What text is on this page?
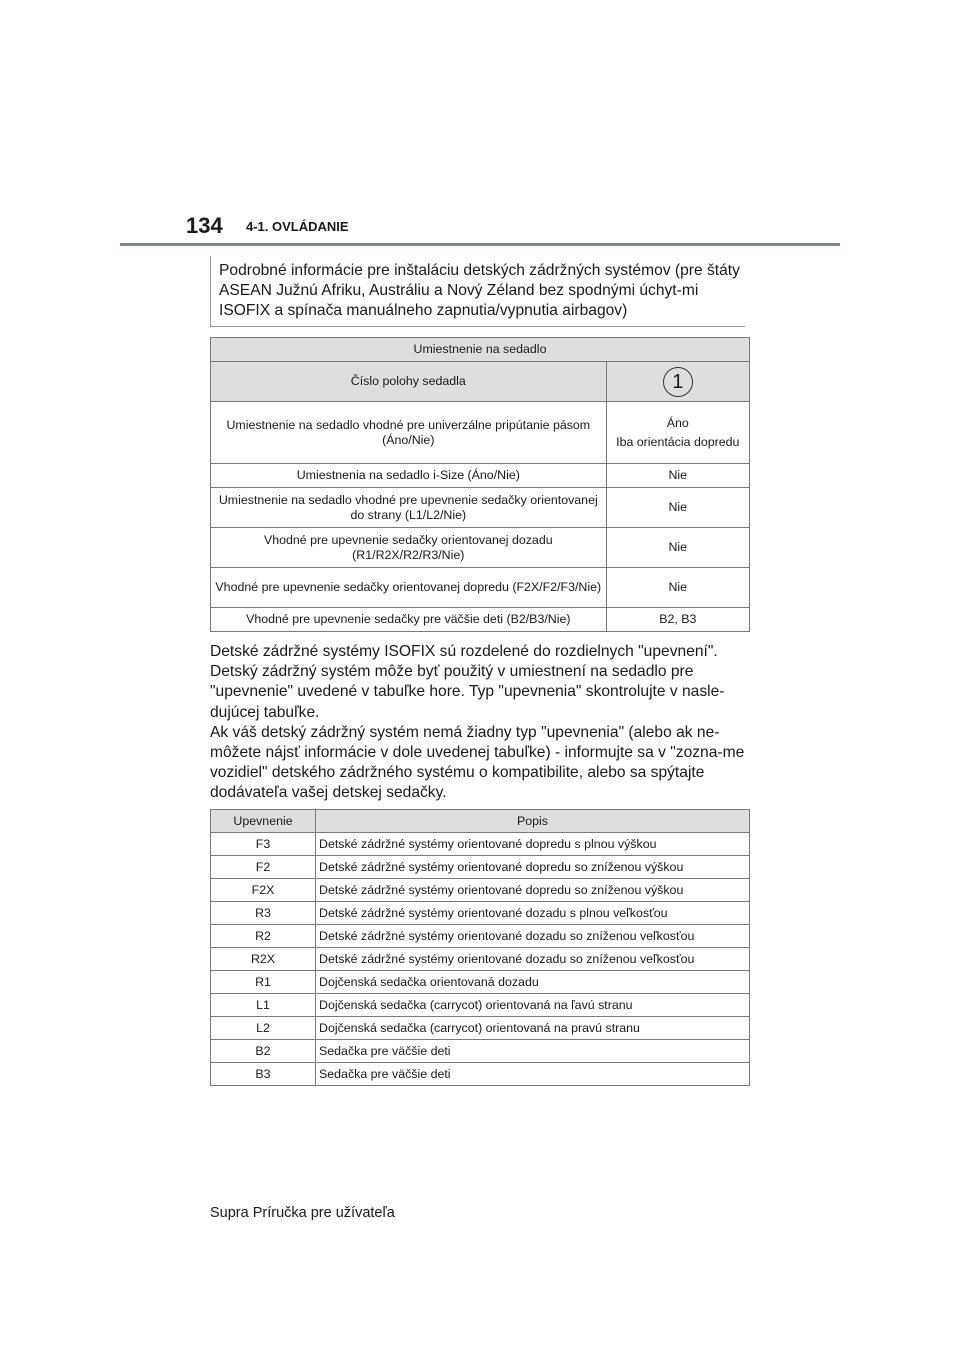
134 4-1. OVLÁDANIE
Podrobné informácie pre inštaláciu detských zádržných systémov (pre štáty ASEAN Južnú Afriku, Austráliu a Nový Zéland bez spodnými úchyt-mi ISOFIX a spínača manuálneho zapnutia/vypnutia airbagov)
Umiestnenie na sedadlo	
Číslo polohy sedadla	1
Umiestnenie na sedadlo vhodné pre univerzálne pripútanie pásom (Áno/Nie)	Áno
Iba orientácia dopredu

Umiestnenia na sedadlo i-Size (Áno/Nie)	Nie
Umiestnenie na sedadlo vhodné pre upevnenie sedačky orientovanej do strany (L1/L2/Nie)	Nie
Vhodné pre upevnenie sedačky orientovanej dozadu (R1/R2X/R2/R3/Nie)	Nie
Vhodné pre upevnenie sedačky orientovanej dopredu (F2X/F2/F3/Nie)	Nie
Vhodné pre upevnenie sedačky pre väčšie deti (B2/B3/Nie)	B2, B3
Detské zádržné systémy ISOFIX sú rozdelené do rozdielnych "upevnení". Detský zádržný systém môže byť použitý v umiestnení na sedadlo pre "upevnenie" uvedené v tabuľke hore. Typ "upevnenia" skontrolujte v nasle-dujúcej tabuľke.
Ak váš detský zádržný systém nemá žiadny typ "upevnenia" (alebo ak ne-môžete nájsť informácie v dole uvedenej tabuľke) - informujte sa v "zozna-me vozidiel" detského zádržného systému o kompatibilite, alebo sa spýtajte dodávateľa vašej detskej sedačky.
Upevnenie	Popis
F3	Detské zádržné systémy orientované dopredu s plnou výškou
F2	Detské zádržné systémy orientované dopredu so zníženou výškou
F2X	Detské zádržné systémy orientované dopredu so zníženou výškou
R3	Detské zádržné systémy orientované dozadu s plnou veľkosťou
R2	Detské zádržné systémy orientované dozadu so zníženou veľkosťou
R2X	Detské zádržné systémy orientované dozadu so zníženou veľkosťou
R1	Dojčenská sedačka orientovaná dozadu
L1	Dojčenská sedačka (carrycot) orientovaná na ľavú stranu
L2	Dojčenská sedačka (carrycot) orientovaná na pravú stranu
B2	Sedačka pre väčšie deti
B3	Sedačka pre väčšie deti
Supra Príručka pre užívateľa
